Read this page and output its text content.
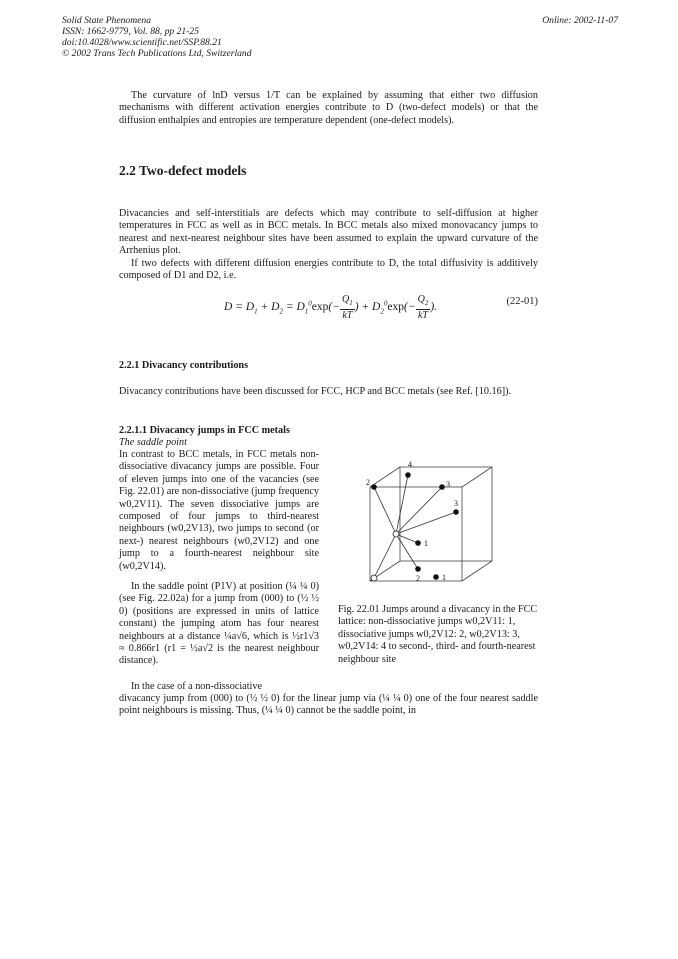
Solid State Phenomena
ISSN: 1662-9779, Vol. 88, pp 21-25
doi:10.4028/www.scientific.net/SSP.88.21
© 2002 Trans Tech Publications Ltd, Switzerland
Online: 2002-11-07
The curvature of lnD versus 1/T can be explained by assuming that either two diffusion mechanisms with different activation energies contribute to D (two-defect models) or that the diffusion enthalpies and entropies are temperature dependent (one-defect models).
2.2 Two-defect models
Divacancies and self-interstitials are defects which may contribute to self-diffusion at higher temperatures in FCC as well as in BCC metals. In BCC metals also mixed monovacancy jumps to nearest and next-nearest neighbour sites have been assumed to explain the upward curvature of the Arrhenius plot.
If two defects with different diffusion energies contribute to D, the total diffusivity is additively composed of D1 and D2, i.e.
$D = D_1 + D_2 = D_1^0\exp(- \frac{Q_1}{kT}$ ) + $D_2^0\exp(- \frac{Q_2}{kT}$ ).	(22-01)
2.2.1 Divacancy contributions
Divacancy contributions have been discussed for FCC, HCP and BCC metals (see Ref. [10.16]).
2.2.1.1 Divacancy jumps in FCC metals
The saddle point
In contrast to BCC metals, in FCC metals non-dissociative divacancy jumps are possible. Four of eleven jumps into one of the vacancies (see Fig. 22.01) are non-dissociative (jump frequency w0,2V11). The seven dissociative jumps are composed of four jumps to third-nearest neighbours (w0,2V13), two jumps to second (or next-) nearest neighbours (w0,2V12) and one jump to a fourth-nearest neighbour site (w0,2V14).
In the saddle point (P1V) at position (¼ ¼ 0) (see Fig. 22.02a) for a jump from (000) to (½ ½ 0) (positions are expressed in units of lattice constant) the jumping atom has four nearest neighbours at a distance ¼a√6, which is ½r1√3 ≈ 0.866r1 (r1 = ½a√2 is the nearest neighbour distance).
In the case of a non-dissociative
divacancy jump from (000) to (½ ½ 0) for the linear jump via (¼ ¼ 0) one of the four nearest saddle point neighbours is missing. Thus, (¼ ¼ 0) cannot be the saddle point, in
4
2	3
3
1
2	1
Fig. 22.01 Jumps around a divacancy in the FCC lattice: non-dissociative jumps w0,2V11: 1, dissociative jumps w0,2V12: 2, w0,2V13: 3, w0,2V14: 4 to second-, third- and fourth-nearest neighbour site
